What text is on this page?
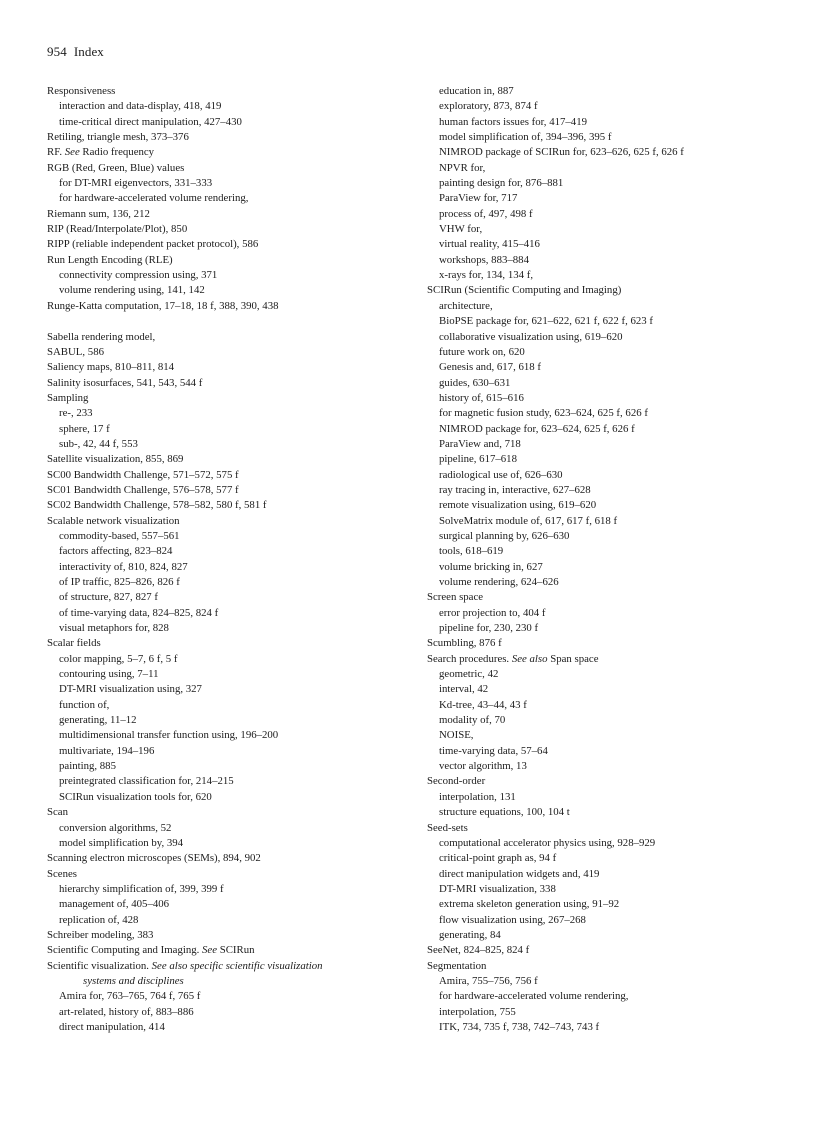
954 Index
Responsiveness
interaction and data-display, 418, 419
time-critical direct manipulation, 427–430
Retiling, triangle mesh, 373–376
RF. See Radio frequency
RGB (Red, Green, Blue) values
for DT-MRI eigenvectors, 331–333
for hardware-accelerated volume rendering,
Riemann sum, 136, 212
RIP (Read/Interpolate/Plot), 850
RIPP (reliable independent packet protocol), 586
Run Length Encoding (RLE)
connectivity compression using, 371
volume rendering using, 141, 142
Runge-Katta computation, 17–18, 18 f, 388, 390, 438
Sabella rendering model,
SABUL, 586
Saliency maps, 810–811, 814
Salinity isosurfaces, 541, 543, 544 f
Sampling
re-, 233
sphere, 17 f
sub-, 42, 44 f, 553
Satellite visualization, 855, 869
SC00 Bandwidth Challenge, 571–572, 575 f
SC01 Bandwidth Challenge, 576–578, 577 f
SC02 Bandwidth Challenge, 578–582, 580 f, 581 f
Scalable network visualization
commodity-based, 557–561
factors affecting, 823–824
interactivity of, 810, 824, 827
of IP traffic, 825–826, 826 f
of structure, 827, 827 f
of time-varying data, 824–825, 824 f
visual metaphors for, 828
Scalar fields
color mapping, 5–7, 6 f, 5 f
contouring using, 7–11
DT-MRI visualization using, 327
function of,
generating, 11–12
multidimensional transfer function using, 196–200
multivariate, 194–196
painting, 885
preintegrated classification for, 214–215
SCIRun visualization tools for, 620
Scan
conversion algorithms, 52
model simplification by, 394
Scanning electron microscopes (SEMs), 894, 902
Scenes
hierarchy simplification of, 399, 399 f
management of, 405–406
replication of, 428
Schreiber modeling, 383
Scientific Computing and Imaging. See SCIRun
Scientific visualization. See also specific scientific visualization
systems and disciplines
Amira for, 763–765, 764 f, 765 f
art-related, history of, 883–886
direct manipulation, 414
education in, 887
exploratory, 873, 874 f
human factors issues for, 417–419
model simplification of, 394–396, 395 f
NIMROD package of SCIRun for, 623–626, 625 f, 626 f
NPVR for,
painting design for, 876–881
ParaView for, 717
process of, 497, 498 f
VHW for,
virtual reality, 415–416
workshops, 883–884
x-rays for, 134, 134 f,
SCIRun (Scientific Computing and Imaging)
architecture,
BioPSE package for, 621–622, 621 f, 622 f, 623 f
collaborative visualization using, 619–620
future work on, 620
Genesis and, 617, 618 f
guides, 630–631
history of, 615–616
for magnetic fusion study, 623–624, 625 f, 626 f
NIMROD package for, 623–624, 625 f, 626 f
ParaView and, 718
pipeline, 617–618
radiological use of, 626–630
ray tracing in, interactive, 627–628
remote visualization using, 619–620
SolveMatrix module of, 617, 617 f, 618 f
surgical planning by, 626–630
tools, 618–619
volume bricking in, 627
volume rendering, 624–626
Screen space
error projection to, 404 f
pipeline for, 230, 230 f
Scumbling, 876 f
Search procedures. See also Span space
geometric, 42
interval, 42
Kd-tree, 43–44, 43 f
modality of, 70
NOISE,
time-varying data, 57–64
vector algorithm, 13
Second-order
interpolation, 131
structure equations, 100, 104 t
Seed-sets
computational accelerator physics using, 928–929
critical-point graph as, 94 f
direct manipulation widgets and, 419
DT-MRI visualization, 338
extrema skeleton generation using, 91–92
flow visualization using, 267–268
generating, 84
SeeNet, 824–825, 824 f
Segmentation
Amira, 755–756, 756 f
for hardware-accelerated volume rendering,
interpolation, 755
ITK, 734, 735 f, 738, 742–743, 743 f
